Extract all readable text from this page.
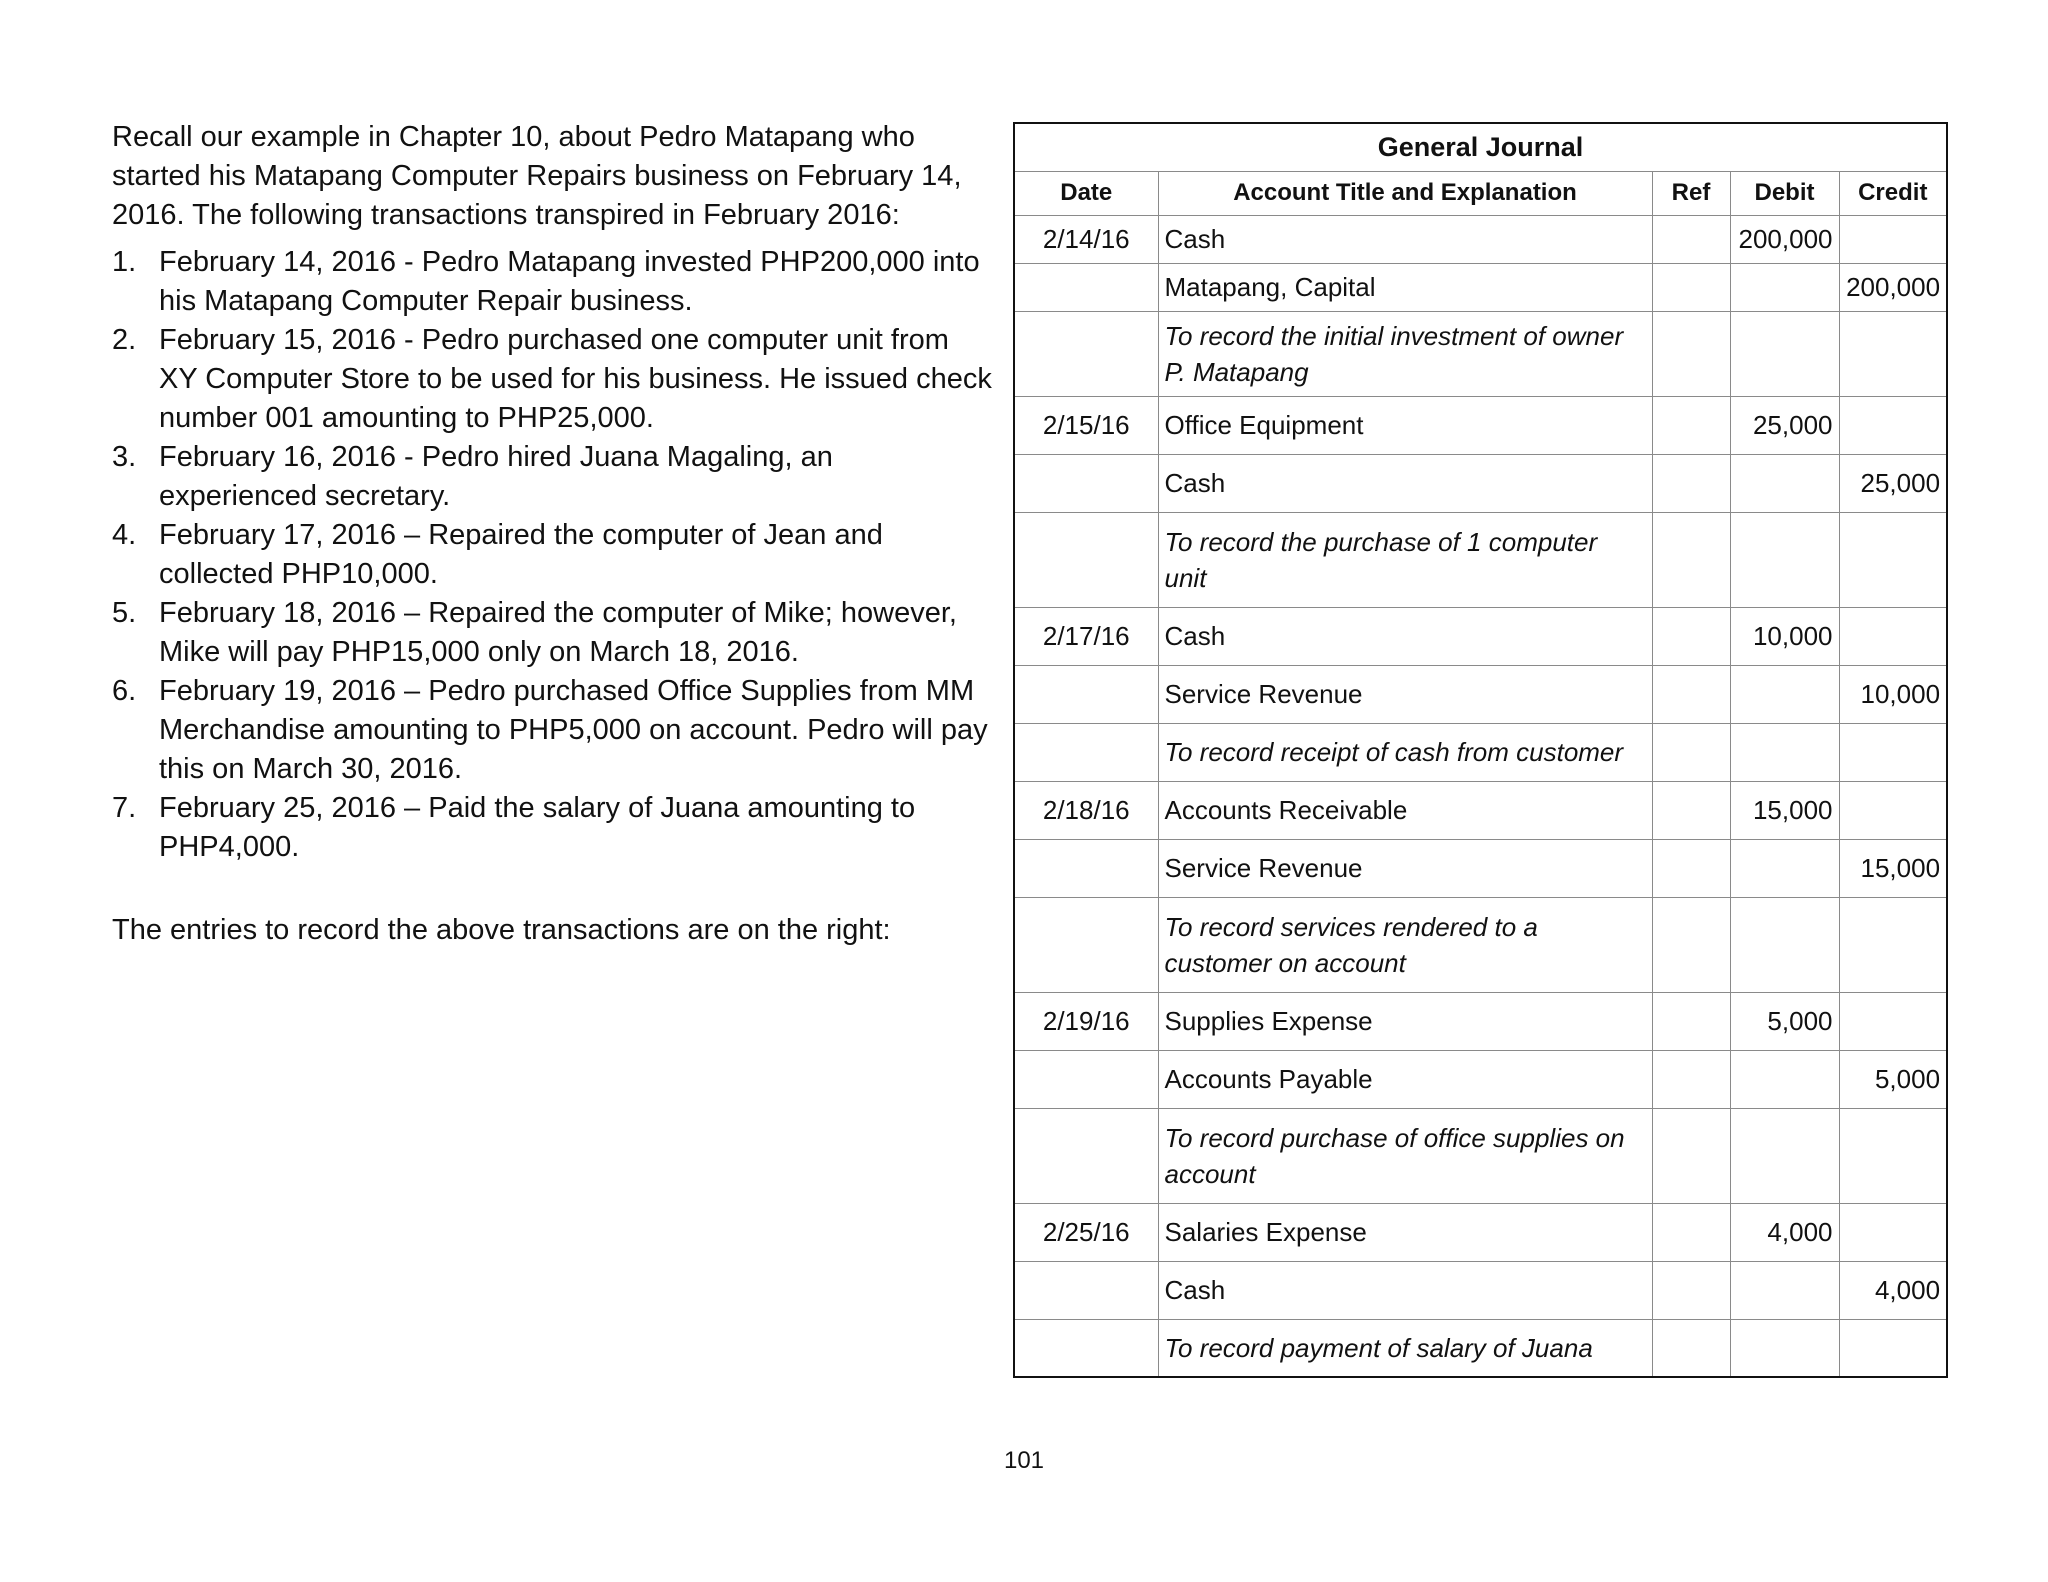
Recall our example in Chapter 10, about Pedro Matapang who started his Matapang Computer Repairs business on February 14, 2016. The following transactions transpired in February 2016:

1. February 14, 2016 - Pedro Matapang invested PHP200,000 into his Matapang Computer Repair business.
2. February 15, 2016 - Pedro purchased one computer unit from XY Computer Store to be used for his business. He issued check number 001 amounting to PHP25,000.
3. February 16, 2016 - Pedro hired Juana Magaling, an experienced secretary.
4. February 17, 2016 – Repaired the computer of Jean and collected PHP10,000.
5. February 18, 2016 – Repaired the computer of Mike; however, Mike will pay PHP15,000 only on March 18, 2016.
6. February 19, 2016 – Pedro purchased Office Supplies from MM Merchandise amounting to PHP5,000 on account. Pedro will pay this on March 30, 2016.
7. February 25, 2016 – Paid the salary of Juana amounting to PHP4,000.

The entries to record the above transactions are on the right:

General Journal				
Date	Account Title and Explanation	Ref	Debit	Credit
2/14/16	Cash		200,000	
	Matapang, Capital			200,000
	To record the initial investment of owner P. Matapang			
2/15/16	Office Equipment		25,000	
	Cash			25,000
	To record the purchase of 1 computer unit			
2/17/16	Cash		10,000	
	Service Revenue			10,000
	To record receipt of cash from customer			
2/18/16	Accounts Receivable		15,000	
	Service Revenue			15,000
	To record services rendered to a customer on account			
2/19/16	Supplies Expense		5,000	
	Accounts Payable			5,000
	To record purchase of office supplies on account			
2/25/16	Salaries Expense		4,000	
	Cash			4,000
	To record payment of salary of Juana			
101
